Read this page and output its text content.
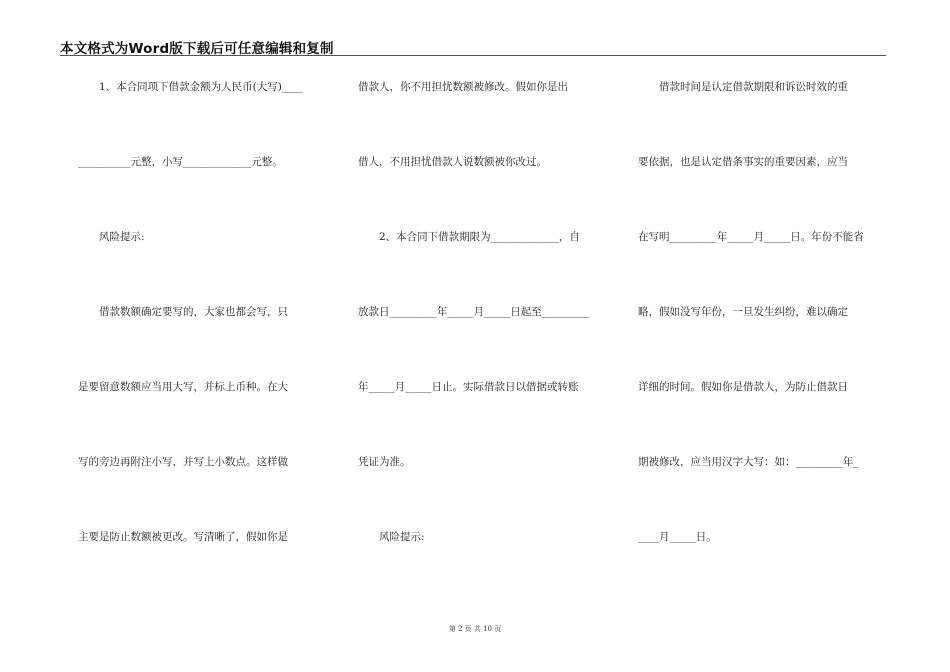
本文格式为Word版下载后可任意编辑和复制
　　1、本合同项下借款金额为人民币(大写)____
__________元整，小写_____________元整。
　　风险提示:
　　借款数额确定要写的，大家也都会写，只
是要留意数额应当用大写，并标上币种。在大
写的旁边再附注小写，并写上小数点。这样做
主要是防止数额被更改。写清晰了，假如你是
借款人，你不用担忧数额被修改。假如你是出
借人，不用担忧借款人说数额被你改过。
　　2、本合同下借款期限为_____________，自
放款日_________年_____月_____日起至_________
年_____月_____日止。实际借款日以借据或转账
凭证为准。
　　风险提示:
　　借款时间是认定借款期限和诉讼时效的重
要依据，也是认定借条事实的重要因素，应当
在写明_________年_____月_____日。年份不能省
略，假如没写年份，一旦发生纠纷，难以确定
详细的时间。假如你是借款人，为防止借款日
期被修改，应当用汉字大写：如：_________年_
____月_____日。
第 2 页 共 10 页
